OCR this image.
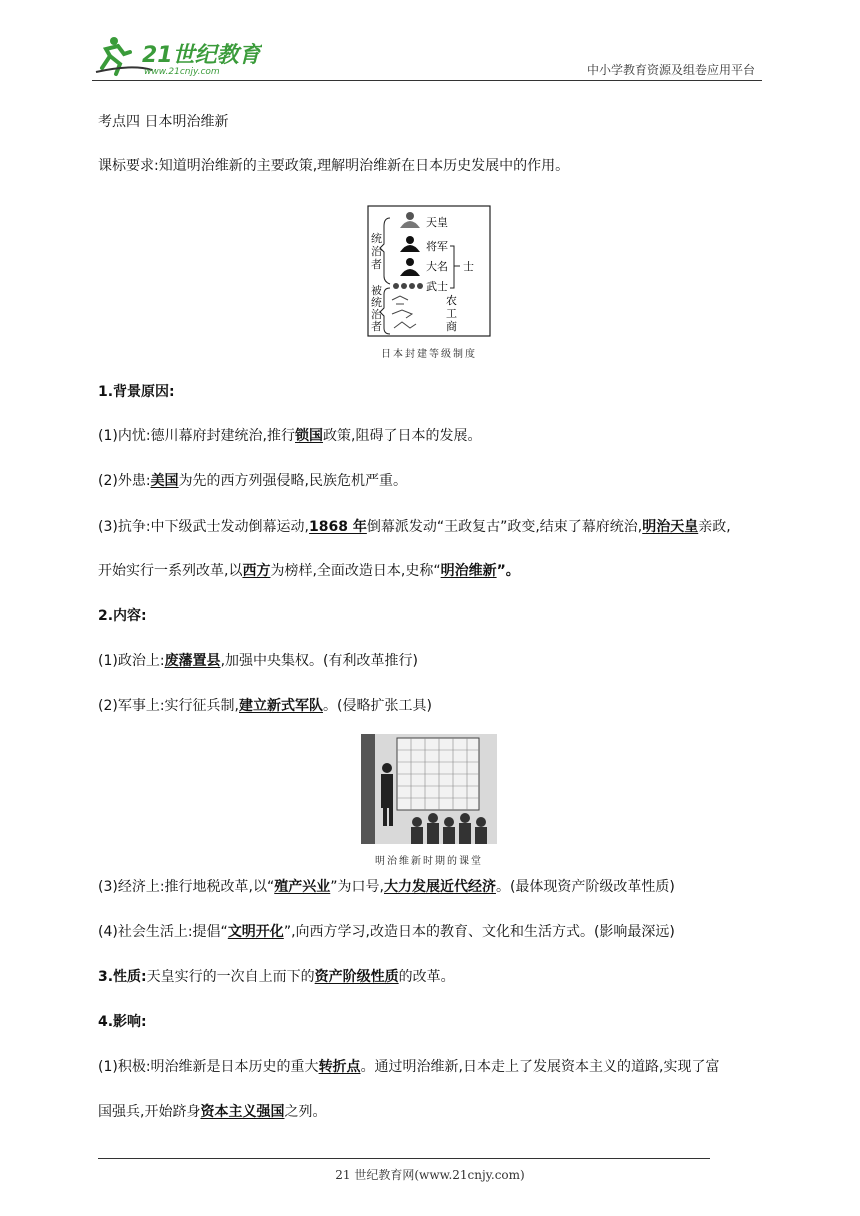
21世纪教育
www.21cnjy.com	中小学教育资源及组卷应用平台
考点四 日本明治维新
课标要求:知道明治维新的主要政策,理解明治维新在日本历史发展中的作用。
统治者
被统治者
天皇
将军
大名
武士
士
农
工
商
日本封建等级制度
1.背景原因:
(1)内忧:德川幕府封建统治,推行锁国政策,阻碍了日本的发展。
(2)外患:美国为先的西方列强侵略,民族危机严重。
(3)抗争:中下级武士发动倒幕运动,1868 年倒幕派发动“王政复古”政变,结束了幕府统治,明治天皇亲政,
开始实行一系列改革,以西方为榜样,全面改造日本,史称“明治维新”。
2.内容:
(1)政治上:废藩置县,加强中央集权。(有利改革推行)
(2)军事上:实行征兵制,建立新式军队。(侵略扩张工具)
明治维新时期的课堂
(3)经济上:推行地税改革,以“殖产兴业”为口号,大力发展近代经济。(最体现资产阶级改革性质)
(4)社会生活上:提倡“文明开化”,向西方学习,改造日本的教育、文化和生活方式。(影响最深远)
3.性质:天皇实行的一次自上而下的资产阶级性质的改革。
4.影响:
(1)积极:明治维新是日本历史的重大转折点。通过明治维新,日本走上了发展资本主义的道路,实现了富
国强兵,开始跻身资本主义强国之列。
21 世纪教育网(www.21cnjy.com)
